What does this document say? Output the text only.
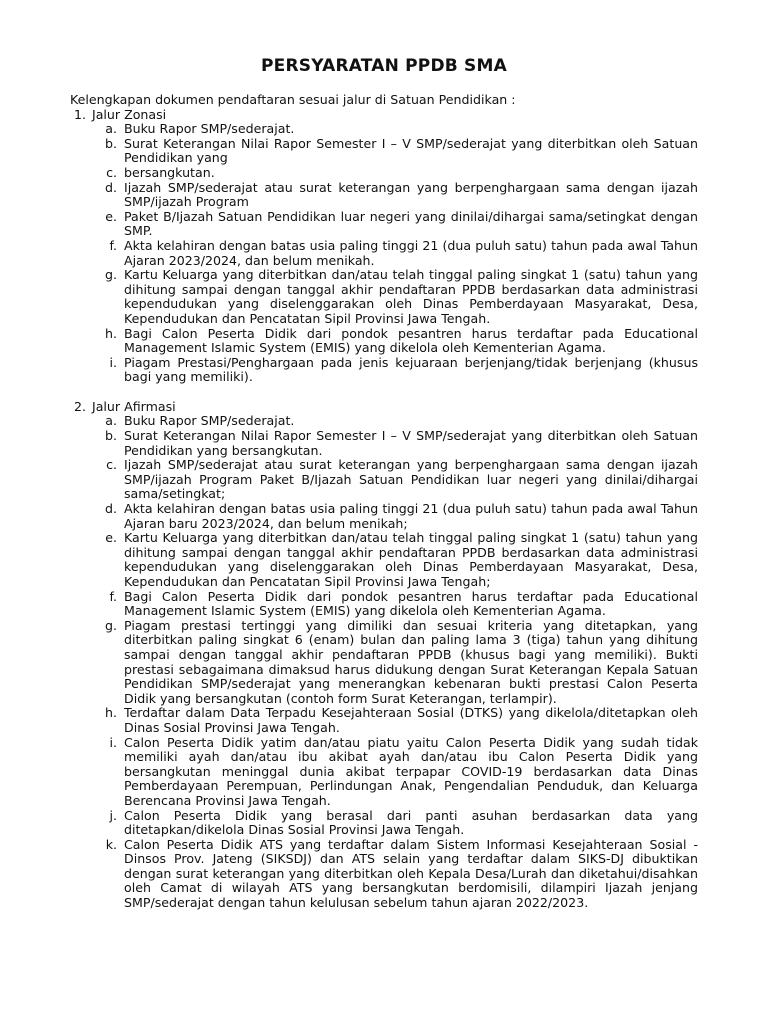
PERSYARATAN PPDB SMA

Kelengkapan dokumen pendaftaran sesuai jalur di Satuan Pendidikan :

1. Jalur Zonasi
a. Buku Rapor SMP/sederajat.
b. Surat Keterangan Nilai Rapor Semester I – V SMP/sederajat yang diterbitkan oleh Satuan Pendidikan yang
c. bersangkutan.
d. Ijazah SMP/sederajat atau surat keterangan yang berpenghargaan sama dengan ijazah SMP/ijazah Program
e. Paket B/Ijazah Satuan Pendidikan luar negeri yang dinilai/dihargai sama/setingkat dengan SMP.
f. Akta kelahiran dengan batas usia paling tinggi 21 (dua puluh satu) tahun pada awal Tahun Ajaran 2023/2024, dan belum menikah.
g. Kartu Keluarga yang diterbitkan dan/atau telah tinggal paling singkat 1 (satu) tahun yang dihitung sampai dengan tanggal akhir pendaftaran PPDB berdasarkan data administrasi kependudukan yang diselenggarakan oleh Dinas Pemberdayaan Masyarakat, Desa, Kependudukan dan Pencatatan Sipil Provinsi Jawa Tengah.
h. Bagi Calon Peserta Didik dari pondok pesantren harus terdaftar pada Educational Management Islamic System (EMIS) yang dikelola oleh Kementerian Agama.
i. Piagam Prestasi/Penghargaan pada jenis kejuaraan berjenjang/tidak berjenjang (khusus bagi yang memiliki).
2. Jalur Afirmasi
a. Buku Rapor SMP/sederajat.
b. Surat Keterangan Nilai Rapor Semester I – V SMP/sederajat yang diterbitkan oleh Satuan Pendidikan yang bersangkutan.
c. Ijazah SMP/sederajat atau surat keterangan yang berpenghargaan sama dengan ijazah SMP/ijazah Program Paket B/Ijazah Satuan Pendidikan luar negeri yang dinilai/dihargai sama/setingkat;
d. Akta kelahiran dengan batas usia paling tinggi 21 (dua puluh satu) tahun pada awal Tahun Ajaran baru 2023/2024, dan belum menikah;
e. Kartu Keluarga yang diterbitkan dan/atau telah tinggal paling singkat 1 (satu) tahun yang dihitung sampai dengan tanggal akhir pendaftaran PPDB berdasarkan data administrasi kependudukan yang diselenggarakan oleh Dinas Pemberdayaan Masyarakat, Desa, Kependudukan dan Pencatatan Sipil Provinsi Jawa Tengah;
f. Bagi Calon Peserta Didik dari pondok pesantren harus terdaftar pada Educational Management Islamic System (EMIS) yang dikelola oleh Kementerian Agama.
g. Piagam prestasi tertinggi yang dimiliki dan sesuai kriteria yang ditetapkan, yang diterbitkan paling singkat 6 (enam) bulan dan paling lama 3 (tiga) tahun yang dihitung sampai dengan tanggal akhir pendaftaran PPDB (khusus bagi yang memiliki). Bukti prestasi sebagaimana dimaksud harus didukung dengan Surat Keterangan Kepala Satuan Pendidikan SMP/sederajat yang menerangkan kebenaran bukti prestasi Calon Peserta Didik yang bersangkutan (contoh form Surat Keterangan, terlampir).
h. Terdaftar dalam Data Terpadu Kesejahteraan Sosial (DTKS) yang dikelola/ditetapkan oleh Dinas Sosial Provinsi Jawa Tengah.
i. Calon Peserta Didik yatim dan/atau piatu yaitu Calon Peserta Didik yang sudah tidak memiliki ayah dan/atau ibu akibat ayah dan/atau ibu Calon Peserta Didik yang bersangkutan meninggal dunia akibat terpapar COVID-19 berdasarkan data Dinas Pemberdayaan Perempuan, Perlindungan Anak, Pengendalian Penduduk, dan Keluarga Berencana Provinsi Jawa Tengah.
j. Calon Peserta Didik yang berasal dari panti asuhan berdasarkan data yang ditetapkan/dikelola Dinas Sosial Provinsi Jawa Tengah.
k. Calon Peserta Didik ATS yang terdaftar dalam Sistem Informasi Kesejahteraan Sosial - Dinsos Prov. Jateng (SIKSDJ) dan ATS selain yang terdaftar dalam SIKS-DJ dibuktikan dengan surat keterangan yang diterbitkan oleh Kepala Desa/Lurah dan diketahui/disahkan oleh Camat di wilayah ATS yang bersangkutan berdomisili, dilampiri Ijazah jenjang SMP/sederajat dengan tahun kelulusan sebelum tahun ajaran 2022/2023.
